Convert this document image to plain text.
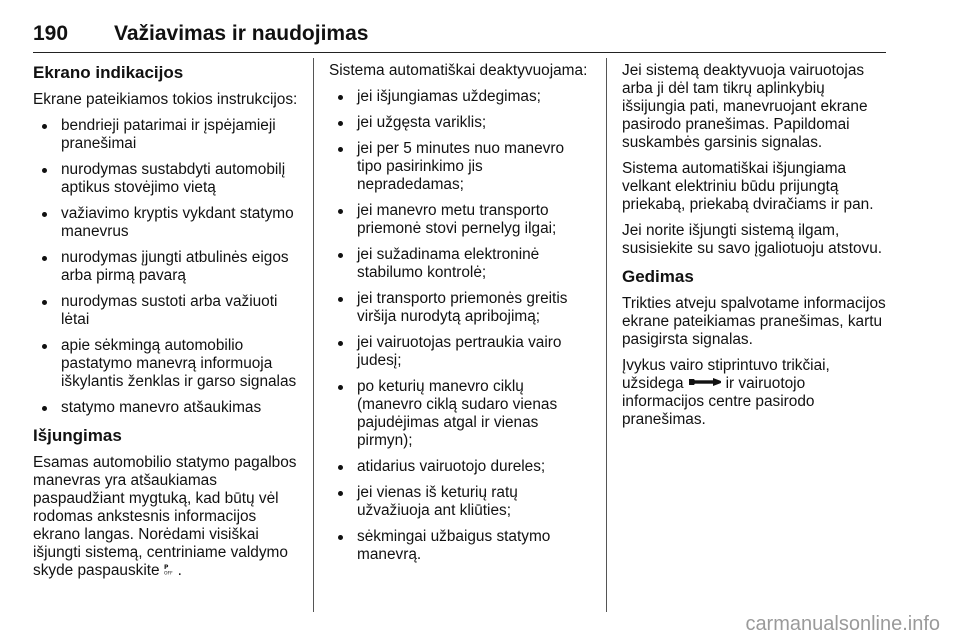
190 Važiavimas ir naudojimas
Ekrano indikacijos

Ekrane pateikiamos tokios instrukcijos:

bendrieji patarimai ir įspėjamieji pranešimai
nurodymas sustabdyti automobilį aptikus stovėjimo vietą
važiavimo kryptis vykdant statymo manevrus
nurodymas įjungti atbulinės eigos arba pirmą pavarą
nurodymas sustoti arba važiuoti lėtai
apie sėkmingą automobilio pastatymo manevrą informuoja iškylantis ženklas ir garso signalas
statymo manevro atšaukimas
Išjungimas

Esamas automobilio statymo pagalbos manevras yra atšaukiamas paspaudžiant mygtuką, kad būtų vėl rodomas ankstesnis informacijos ekrano langas. Norėdami visiškai išjungti sistemą, centriniame valdymo skyde paspauskite P
OFF .

Sistema automatiškai deaktyvuojama:

jei išjungiamas uždegimas;
jei užgęsta variklis;
jei per 5 minutes nuo manevro tipo pasirinkimo jis nepradedamas;
jei manevro metu transporto priemonė stovi pernelyg ilgai;
jei sužadinama elektroninė stabilumo kontrolė;
jei transporto priemonės greitis viršija nurodytą apribojimą;
jei vairuotojas pertraukia vairo judesį;
po keturių manevro ciklų (manevro ciklą sudaro vienas pajudėjimas atgal ir vienas pirmyn);
atidarius vairuotojo dureles;
jei vienas iš keturių ratų užvažiuoja ant kliūties;
sėkmingai užbaigus statymo manevrą.

Jei sistemą deaktyvuoja vairuotojas arba ji dėl tam tikrų aplinkybių išsijungia pati, manevruojant ekrane pasirodo pranešimas. Papildomai suskambės garsinis signalas.

Sistema automatiškai išjungiama velkant elektriniu būdu prijungtą priekabą, priekabą dviračiams ir pan.

Jei norite išjungti sistemą ilgam, susisiekite su savo įgaliotuoju atstovu.

Gedimas

Trikties atveju spalvotame informacijos ekrane pateikiamas pranešimas, kartu pasigirsta signalas.

Įvykus vairo stiprintuvo trikčiai, užsidega	ir vairuotojo informacijos centre pasirodo pranešimas.

carmanualsonline.info
